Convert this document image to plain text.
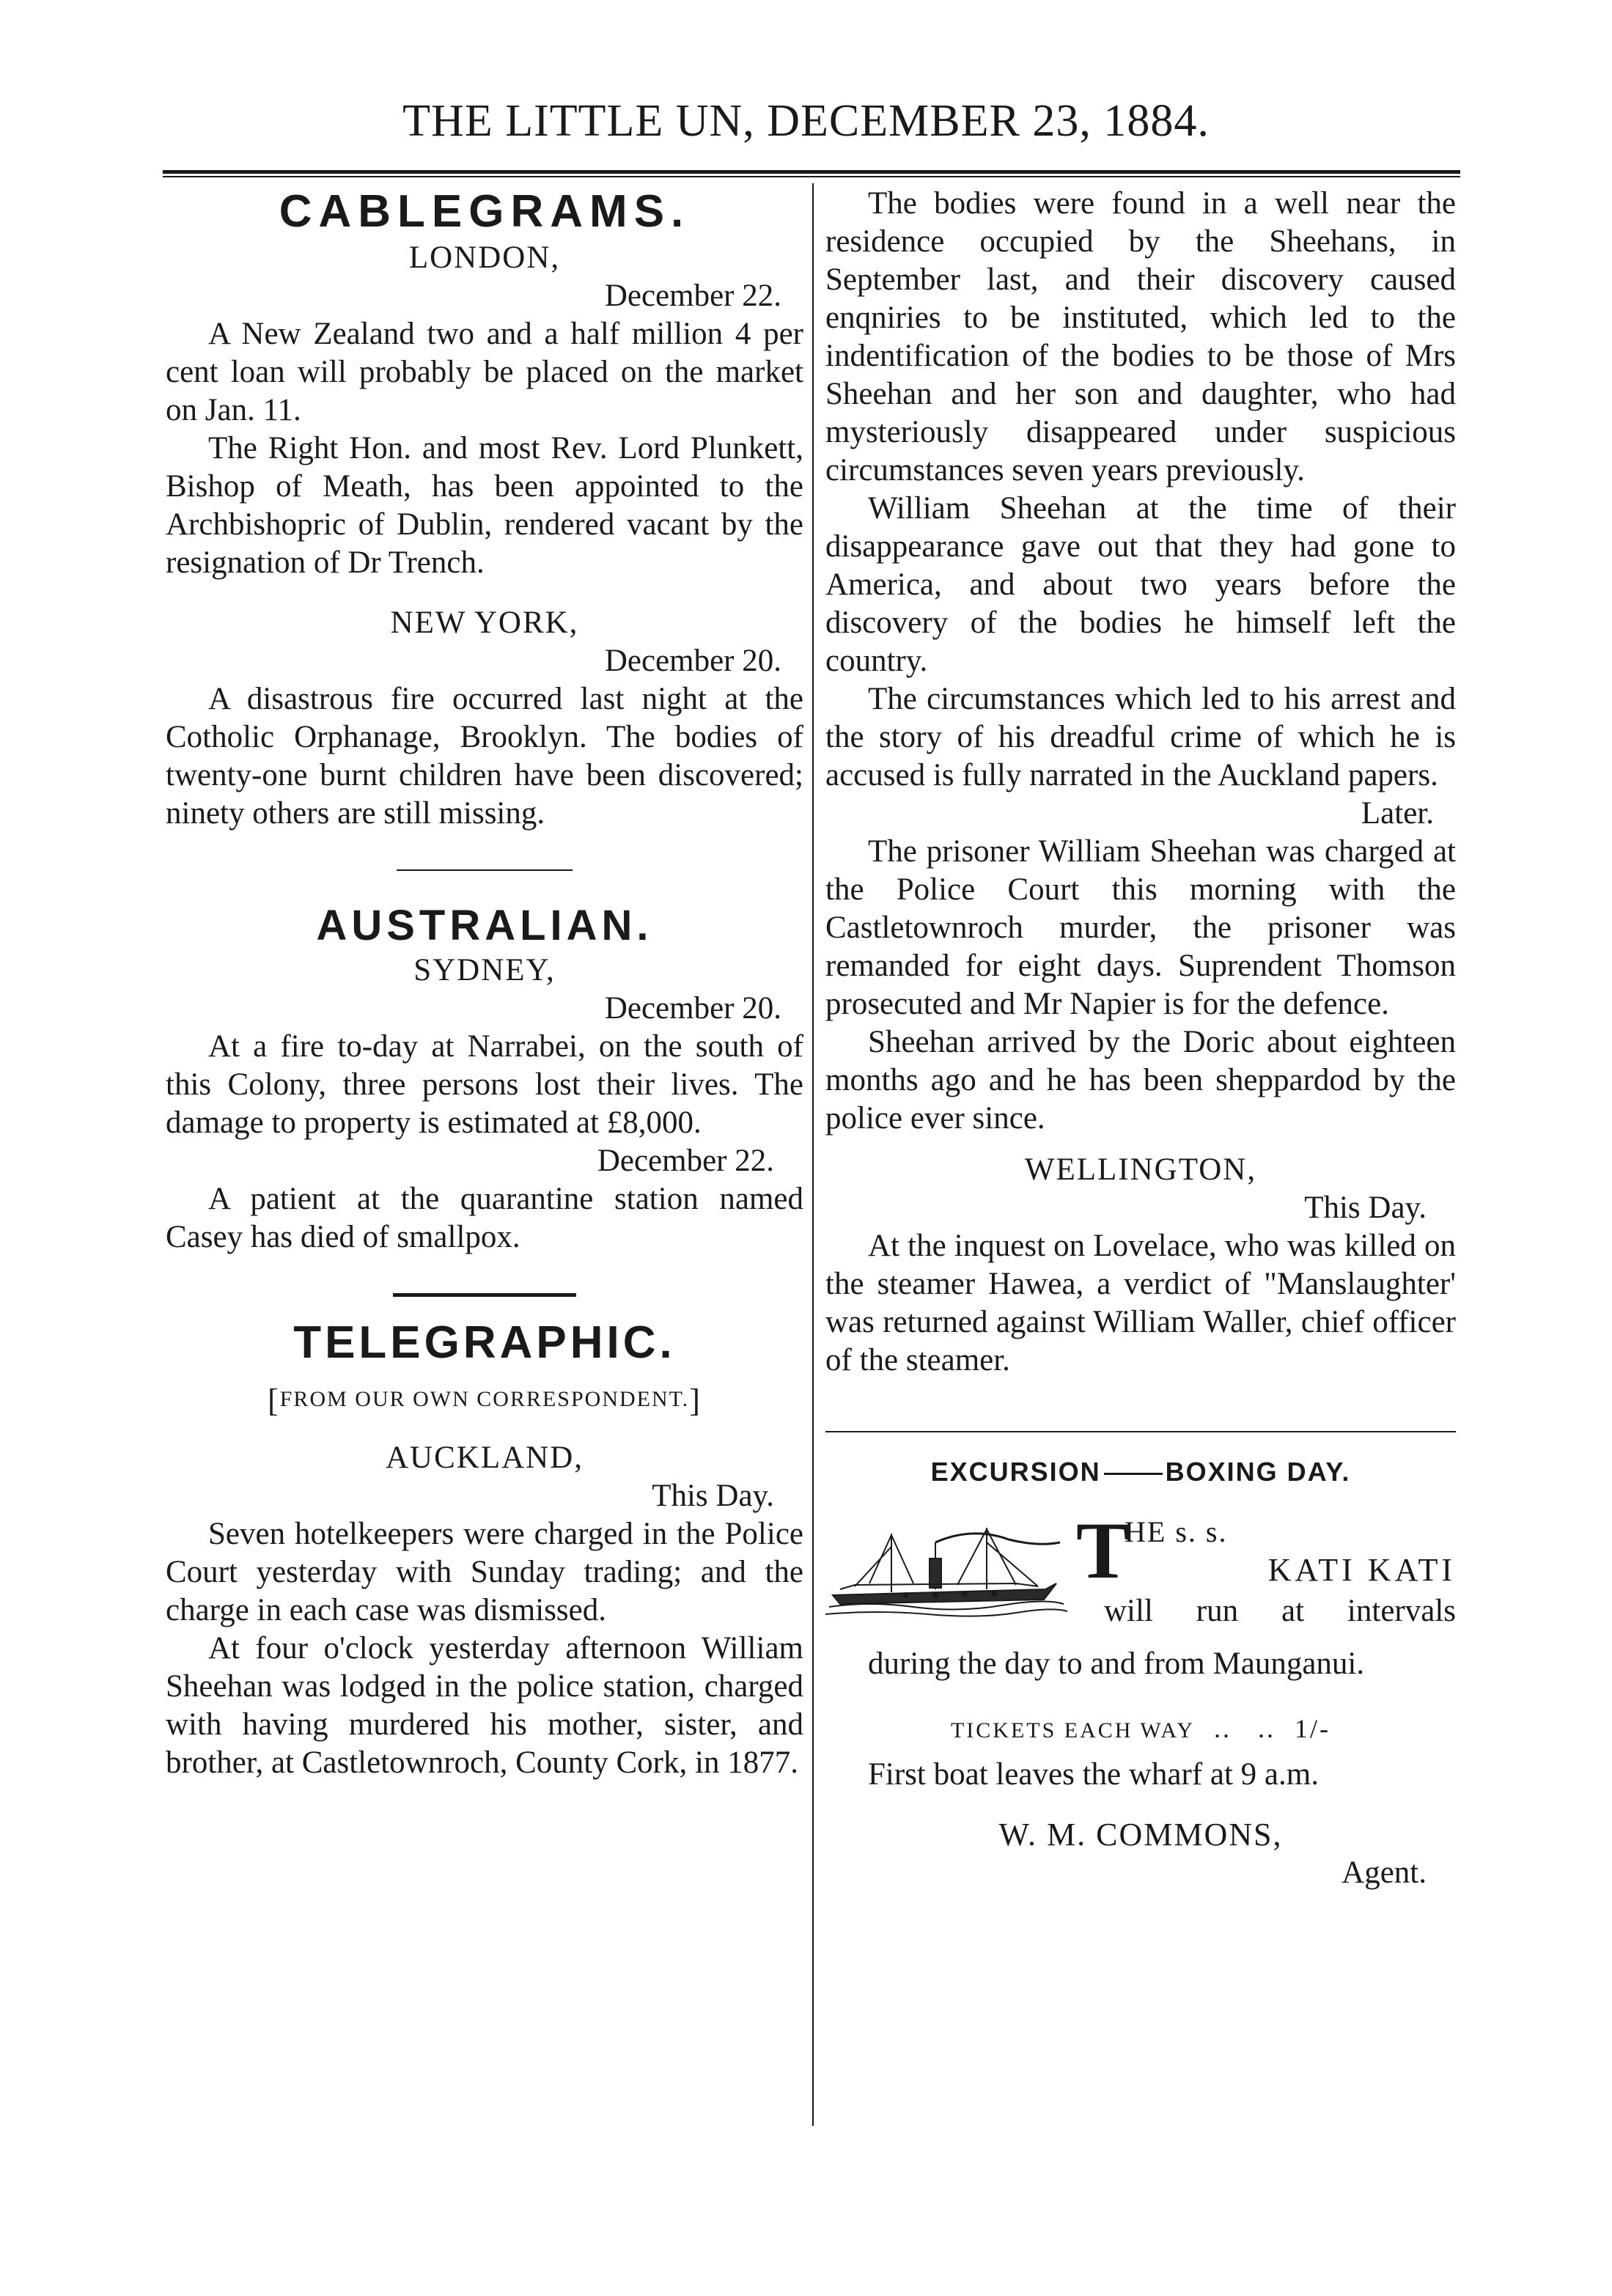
THE LITTLE UN, DECEMBER 23, 1884.
CABLEGRAMS.
LONDON,
December 22.

A New Zealand two and a half million 4 per cent loan will probably be placed on the market on Jan. 11.

The Right Hon. and most Rev. Lord Plunkett, Bishop of Meath, has been appointed to the Archbishopric of Dublin, rendered vacant by the resignation of Dr Trench.

NEW YORK,
December 20.

A disastrous fire occurred last night at the Cotholic Orphanage, Brooklyn. The bodies of twenty-one burnt children have been discovered; ninety others are still missing.

AUSTRALIAN.
SYDNEY,
December 20.

At a fire to-day at Narrabei, on the south of this Colony, three persons lost their lives. The damage to property is estimated at £8,000.

December 22.

A patient at the quarantine station named Casey has died of smallpox.

TELEGRAPHIC.
[FROM OUR OWN CORRESPONDENT.]
AUCKLAND,
This Day.

Seven hotelkeepers were charged in the Police Court yesterday with Sunday trading; and the charge in each case was dismissed.

At four o'clock yesterday afternoon William Sheehan was lodged in the police station, charged with having murdered his mother, sister, and brother, at Castletownroch, County Cork, in 1877.

The bodies were found in a well near the residence occupied by the Sheehans, in September last, and their discovery caused enqniries to be instituted, which led to the indentification of the bodies to be those of Mrs Sheehan and her son and daughter, who had mysteriously disappeared under suspicious circumstances seven years previously.

William Sheehan at the time of their disappearance gave out that they had gone to America, and about two years before the discovery of the bodies he himself left the country.

The circumstances which led to his arrest and the story of his dreadful crime of which he is accused is fully narrated in the Auckland papers.

Later.

The prisoner William Sheehan was charged at the Police Court this morning with the Castletownroch murder, the prisoner was remanded for eight days. Suprendent Thomson prosecuted and Mr Napier is for the defence.

Sheehan arrived by the Doric about eighteen months ago and he has been sheppardod by the police ever since.

WELLINGTON,
This Day.

At the inquest on Lovelace, who was killed on the steamer Hawea, a verdict of "Manslaughter' was returned against William Waller, chief officer of the steamer.

EXCURSION BOXING DAY.
T
HE s. s.
KATI KATI
will run at intervals

during the day to and from Maunganui.

TICKETS EACH WAY ..   .. 1/-

First boat leaves the wharf at 9 a.m.

W. M. COMMONS,
Agent.
